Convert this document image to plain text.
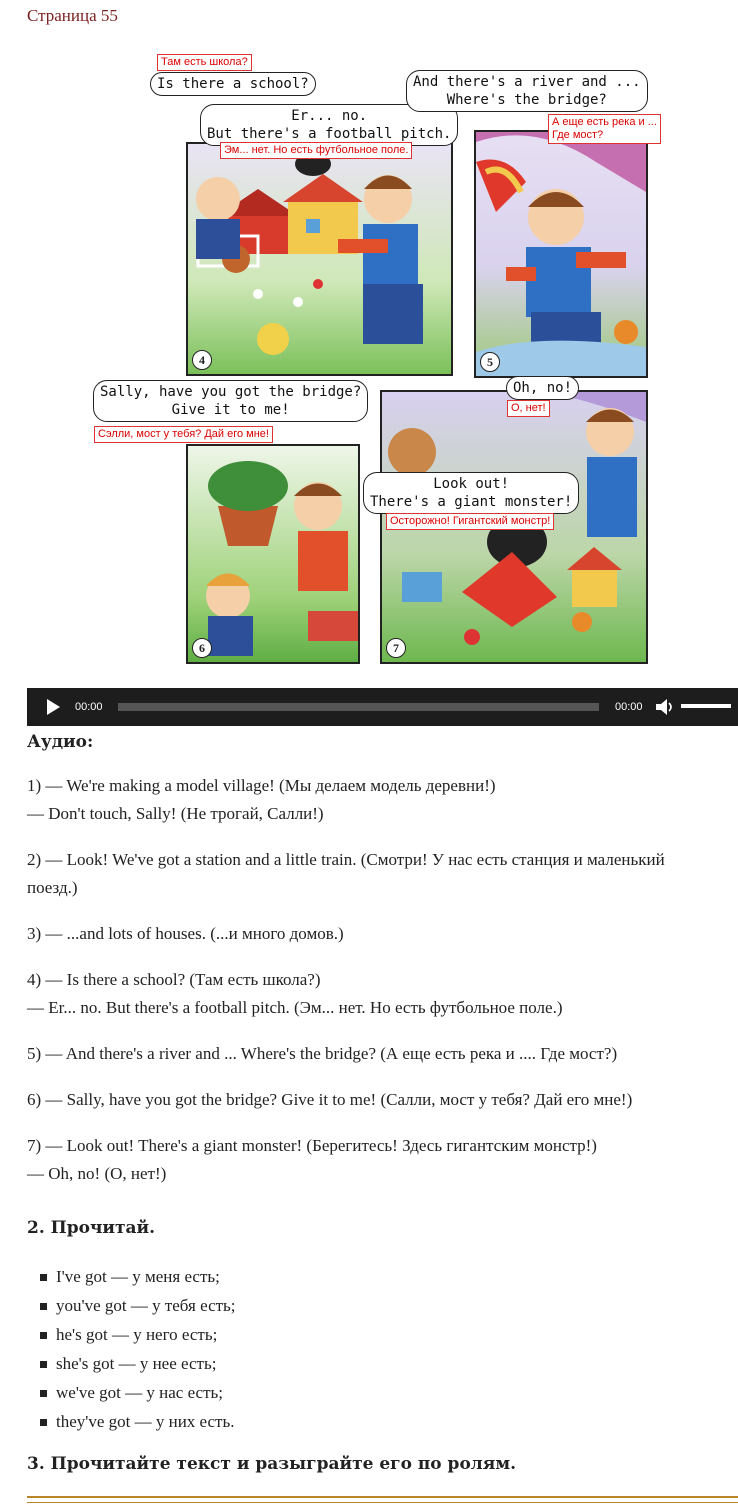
Страница 55
4	5
6	7
Is there a school?
Там есть школа?
Er... no.
But there's a football pitch.
Эм... нет. Но есть футбольное поле.
And there's a river and ...
Where's the bridge?
А еще есть река и ...
Где мост?
Sally, have you got the bridge?
Give it to me!
Сэлли, мост у тебя? Дай его мне!
Oh, no!
О, нет!
Look out!
There's a giant monster!
Осторожно! Гигантский монстр!
00:00	00:00
Аудио:

1) — We're making a model village! (Мы делаем модель деревни!)
— Don't touch, Sally! (Не трогай, Салли!)

2) — Look! We've got a station and a little train. (Смотри! У нас есть станция и маленький поезд.)

3) — ...and lots of houses. (...и много домов.)

4) — Is there a school? (Там есть школа?)
— Er... no. But there's a football pitch. (Эм... нет. Но есть футбольное поле.)

5) — And there's a river and ... Where's the bridge? (А еще есть река и .... Где мост?)

6) — Sally, have you got the bridge? Give it to me! (Салли, мост у тебя? Дай его мне!)

7) — Look out! There's a giant monster! (Берегитесь! Здесь гигантским монстр!)
— Oh, no! (О, нет!)

2. Прочитай.
I've got — у меня есть;
you've got — у тебя есть;
he's got — у него есть;
she's got — у нее есть;
we've got — у нас есть;
they've got — у них есть.
3. Прочитайте текст и разыграйте его по ролям.
